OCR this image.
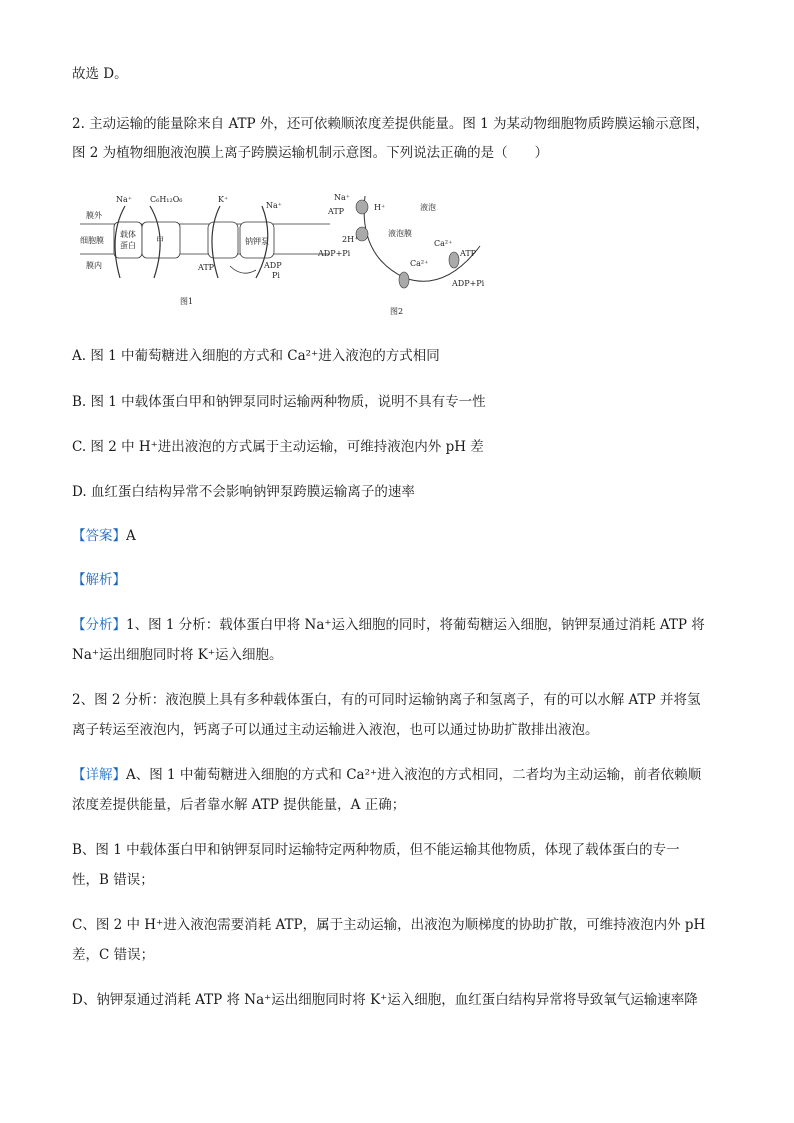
故选 D。
2. 主动运输的能量除来自 ATP 外，还可依赖顺浓度差提供能量。图 1 为某动物细胞物质跨膜运输示意图，
图 2 为植物细胞液泡膜上离子跨膜运输机制示意图。下列说法正确的是（　　）
膜外
细胞膜
膜内
载体
蛋白
甲	钠钾泵
Na⁺ C₆H₁₂O₆	K⁺
Na⁺
ATP	ADP
Pi
图1
Na⁺
ATP	H⁺	液泡
2H⁺
液泡膜
ADP+Pi
Ca²⁺
ATP
Ca²⁺
ADP+Pi
图2
A. 图 1 中葡萄糖进入细胞的方式和 Ca²⁺进入液泡的方式相同
B. 图 1 中载体蛋白甲和钠钾泵同时运输两种物质，说明不具有专一性
C. 图 2 中 H⁺进出液泡的方式属于主动运输，可维持液泡内外 pH 差
D. 血红蛋白结构异常不会影响钠钾泵跨膜运输离子的速率
【答案】A
【解析】
【分析】1、图 1 分析：载体蛋白甲将 Na⁺运入细胞的同时，将葡萄糖运入细胞，钠钾泵通过消耗 ATP 将
Na⁺运出细胞同时将 K⁺运入细胞。
2、图 2 分析：液泡膜上具有多种载体蛋白，有的可同时运输钠离子和氢离子，有的可以水解 ATP 并将氢
离子转运至液泡内，钙离子可以通过主动运输进入液泡，也可以通过协助扩散排出液泡。
【详解】A、图 1 中葡萄糖进入细胞的方式和 Ca²⁺进入液泡的方式相同，二者均为主动运输，前者依赖顺
浓度差提供能量，后者靠水解 ATP 提供能量，A 正确；
B、图 1 中载体蛋白甲和钠钾泵同时运输特定两种物质，但不能运输其他物质，体现了载体蛋白的专一
性，B 错误；
C、图 2 中 H⁺进入液泡需要消耗 ATP，属于主动运输，出液泡为顺梯度的协助扩散，可维持液泡内外 pH
差，C 错误；
D、钠钾泵通过消耗 ATP 将 Na⁺运出细胞同时将 K⁺运入细胞，血红蛋白结构异常将导致氧气运输速率降
